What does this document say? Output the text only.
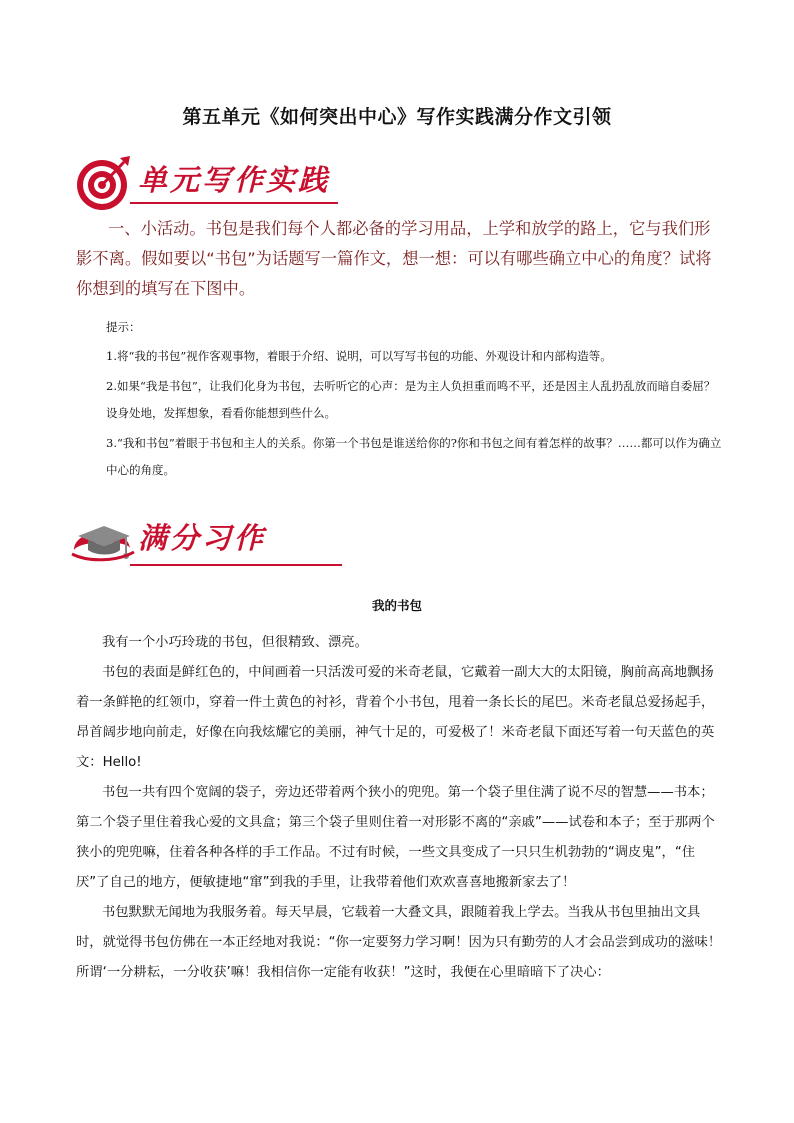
第五单元《如何突出中心》写作实践满分作文引领
单元写作实践

一、小活动。书包是我们每个人都必备的学习用品，上学和放学的路上，它与我们形影不离。假如要以“书包”为话题写一篇作文，想一想：可以有哪些确立中心的角度？试将你想到的填写在下图中。

提示：

1.将“我的书包”视作客观事物，着眼于介绍、说明，可以写写书包的功能、外观设计和内部构造等。

2.如果“我是书包”，让我们化身为书包，去听听它的心声：是为主人负担重而鸣不平，还是因主人乱扔乱放而暗自委屈？设身处地，发挥想象，看看你能想到些什么。

3.“我和书包”着眼于书包和主人的关系。你第一个书包是谁送给你的?你和书包之间有着怎样的故事？……都可以作为确立中心的角度。

满分习作
我的书包

我有一个小巧玲珑的书包，但很精致、漂亮。

书包的表面是鲜红色的，中间画着一只活泼可爱的米奇老鼠，它戴着一副大大的太阳镜，胸前高高地飘扬着一条鲜艳的红领巾，穿着一件土黄色的衬衫，背着个小书包，甩着一条长长的尾巴。米奇老鼠总爱扬起手，昂首阔步地向前走，好像在向我炫耀它的美丽，神气十足的，可爱极了！米奇老鼠下面还写着一句天蓝色的英文：Hello!

书包一共有四个宽阔的袋子，旁边还带着两个狭小的兜兜。第一个袋子里住满了说不尽的智慧——书本；第二个袋子里住着我心爱的文具盒；第三个袋子里则住着一对形影不离的“亲戚”——试卷和本子；至于那两个狭小的兜兜嘛，住着各种各样的手工作品。不过有时候，一些文具变成了一只只生机勃勃的“调皮鬼”，“住厌”了自己的地方，便敏捷地“窜”到我的手里，让我带着他们欢欢喜喜地搬新家去了！

书包默默无闻地为我服务着。每天早晨，它载着一大叠文具，跟随着我上学去。当我从书包里抽出文具时，就觉得书包仿佛在一本正经地对我说：“你一定要努力学习啊！因为只有勤劳的人才会品尝到成功的滋味！所谓‘一分耕耘，一分收获’嘛！我相信你一定能有收获！”这时，我便在心里暗暗下了决心：
